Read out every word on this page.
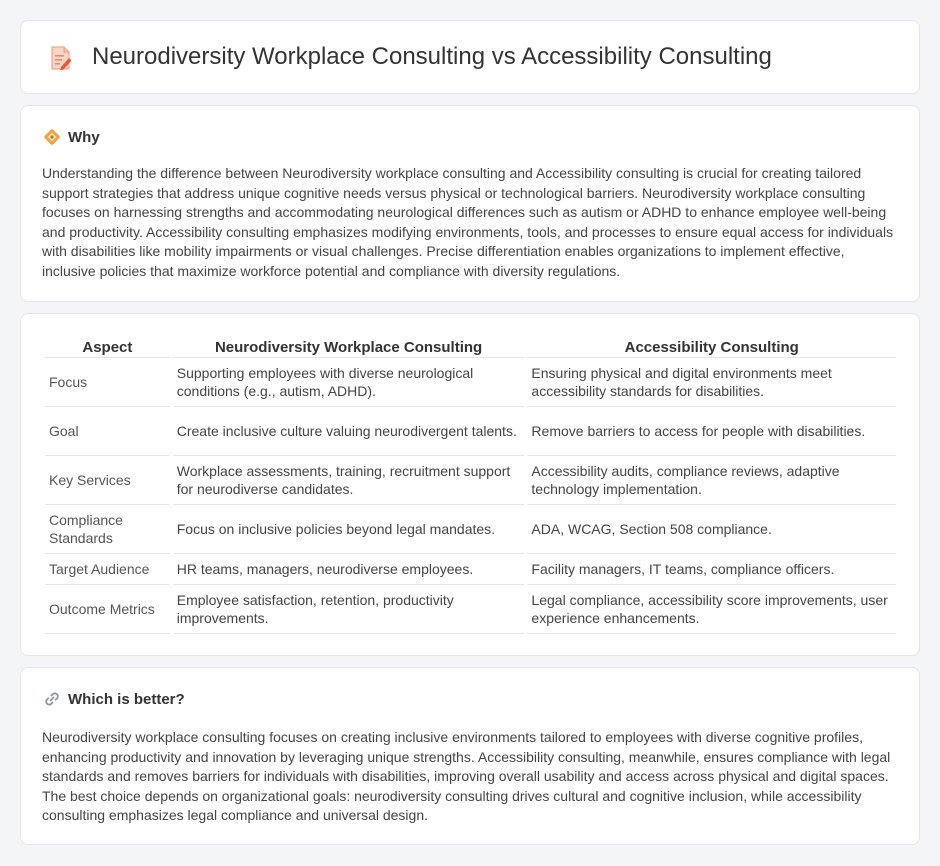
Neurodiversity Workplace Consulting vs Accessibility Consulting
Why

Understanding the difference between Neurodiversity workplace consulting and Accessibility consulting is crucial for creating tailored support strategies that address unique cognitive needs versus physical or technological barriers. Neurodiversity workplace consulting focuses on harnessing strengths and accommodating neurological differences such as autism or ADHD to enhance employee well-being and productivity. Accessibility consulting emphasizes modifying environments, tools, and processes to ensure equal access for individuals with disabilities like mobility impairments or visual challenges. Precise differentiation enables organizations to implement effective, inclusive policies that maximize workforce potential and compliance with diversity regulations.

Aspect	Neurodiversity Workplace Consulting	Accessibility Consulting
Focus	Supporting employees with diverse neurological conditions (e.g., autism, ADHD).	Ensuring physical and digital environments meet accessibility standards for disabilities.
Goal	Create inclusive culture valuing neurodivergent talents.	Remove barriers to access for people with disabilities.
Key Services	Workplace assessments, training, recruitment support for neurodiverse candidates.	Accessibility audits, compliance reviews, adaptive technology implementation.
Compliance Standards	Focus on inclusive policies beyond legal mandates.	ADA, WCAG, Section 508 compliance.
Target Audience	HR teams, managers, neurodiverse employees.	Facility managers, IT teams, compliance officers.
Outcome Metrics	Employee satisfaction, retention, productivity improvements.	Legal compliance, accessibility score improvements, user experience enhancements.
Which is better?

Neurodiversity workplace consulting focuses on creating inclusive environments tailored to employees with diverse cognitive profiles, enhancing productivity and innovation by leveraging unique strengths. Accessibility consulting, meanwhile, ensures compliance with legal standards and removes barriers for individuals with disabilities, improving overall usability and access across physical and digital spaces. The best choice depends on organizational goals: neurodiversity consulting drives cultural and cognitive inclusion, while accessibility consulting emphasizes legal compliance and universal design.
